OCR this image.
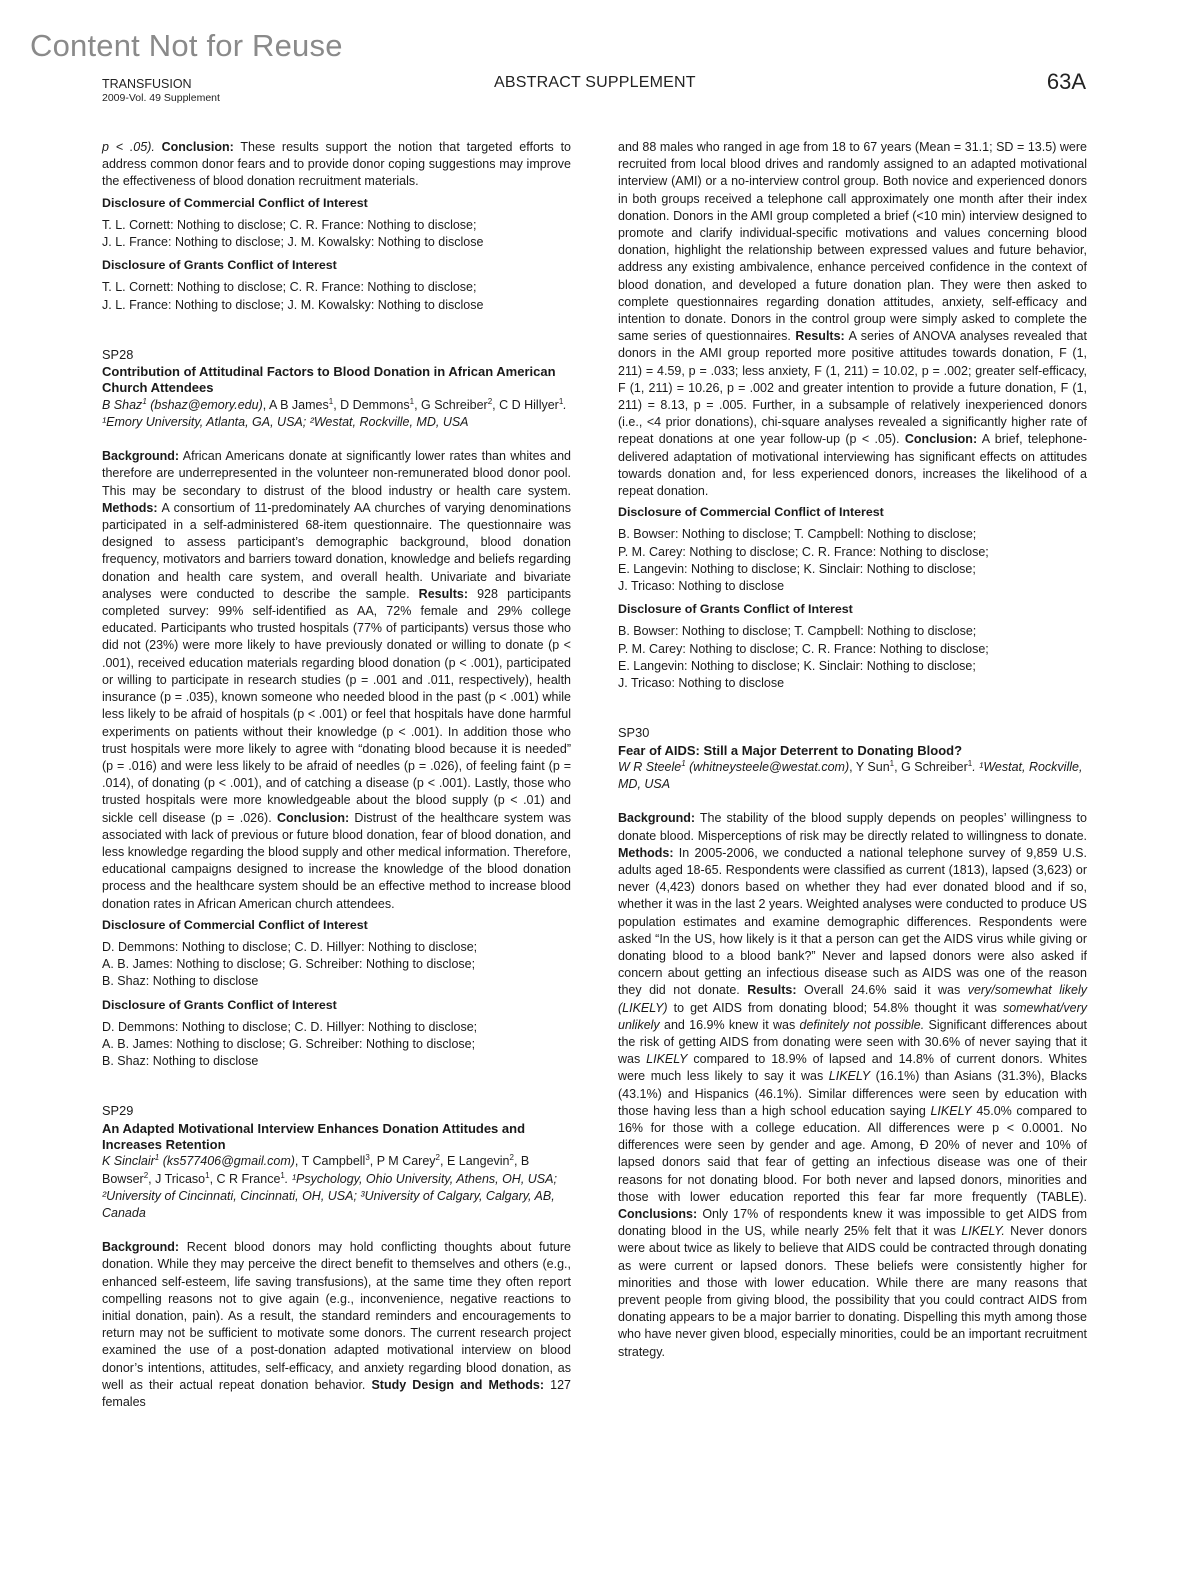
Content Not for Reuse
TRANSFUSION
2009-Vol. 49 Supplement
ABSTRACT SUPPLEMENT	63A

p < .05). Conclusion: These results support the notion that targeted efforts to address common donor fears and to provide donor coping suggestions may improve the effectiveness of blood donation recruitment materials.

Disclosure of Commercial Conflict of Interest

T. L. Cornett: Nothing to disclose; C. R. France: Nothing to disclose;

J. L. France: Nothing to disclose; J. M. Kowalsky: Nothing to disclose

Disclosure of Grants Conflict of Interest

T. L. Cornett: Nothing to disclose; C. R. France: Nothing to disclose;

J. L. France: Nothing to disclose; J. M. Kowalsky: Nothing to disclose

SP28

Contribution of Attitudinal Factors to Blood Donation in African American Church Attendees

B Shaz$^1$ (bshaz@emory.edu), A B James$^1$, D Demmons$^1$, G Schreiber$^2$, C D Hillyer$^1$. ¹Emory University, Atlanta, GA, USA; ²Westat, Rockville, MD, USA

Background: African Americans donate at significantly lower rates than whites and therefore are underrepresented in the volunteer non-remunerated blood donor pool. This may be secondary to distrust of the blood industry or health care system. Methods: A consortium of 11-predominately AA churches of varying denominations participated in a self-administered 68-item questionnaire. The questionnaire was designed to assess participant’s demographic background, blood donation frequency, motivators and barriers toward donation, knowledge and beliefs regarding donation and health care system, and overall health. Univariate and bivariate analyses were conducted to describe the sample. Results: 928 participants completed survey: 99% self-identified as AA, 72% female and 29% college educated. Participants who trusted hospitals (77% of participants) versus those who did not (23%) were more likely to have previously donated or willing to donate (p < .001), received education materials regarding blood donation (p < .001), participated or willing to participate in research studies (p = .001 and .011, respectively), health insurance (p = .035), known someone who needed blood in the past (p < .001) while less likely to be afraid of hospitals (p < .001) or feel that hospitals have done harmful experiments on patients without their knowledge (p < .001). In addition those who trust hospitals were more likely to agree with “donating blood because it is needed” (p = .016) and were less likely to be afraid of needles (p = .026), of feeling faint (p = .014), of donating (p < .001), and of catching a disease (p < .001). Lastly, those who trusted hospitals were more knowledgeable about the blood supply (p < .01) and sickle cell disease (p = .026). Conclusion: Distrust of the healthcare system was associated with lack of previous or future blood donation, fear of blood donation, and less knowledge regarding the blood supply and other medical information. Therefore, educational campaigns designed to increase the knowledge of the blood donation process and the healthcare system should be an effective method to increase blood donation rates in African American church attendees.

Disclosure of Commercial Conflict of Interest

D. Demmons: Nothing to disclose; C. D. Hillyer: Nothing to disclose;

A. B. James: Nothing to disclose; G. Schreiber: Nothing to disclose;

B. Shaz: Nothing to disclose

Disclosure of Grants Conflict of Interest

D. Demmons: Nothing to disclose; C. D. Hillyer: Nothing to disclose;

A. B. James: Nothing to disclose; G. Schreiber: Nothing to disclose;

B. Shaz: Nothing to disclose

SP29

An Adapted Motivational Interview Enhances Donation Attitudes and Increases Retention

K Sinclair$^1$ (ks577406@gmail.com), T Campbell$^3$, P M Carey$^2$, E Langevin$^2$, B Bowser$^2$, J Tricaso$^1$, C R France$^1$. ¹Psychology, Ohio University, Athens, OH, USA; ²University of Cincinnati, Cincinnati, OH, USA; ³University of Calgary, Calgary, AB, Canada

Background: Recent blood donors may hold conflicting thoughts about future donation. While they may perceive the direct benefit to themselves and others (e.g., enhanced self-esteem, life saving transfusions), at the same time they often report compelling reasons not to give again (e.g., inconvenience, negative reactions to initial donation, pain). As a result, the standard reminders and encouragements to return may not be sufficient to motivate some donors. The current research project examined the use of a post-donation adapted motivational interview on blood donor’s intentions, attitudes, self-efficacy, and anxiety regarding blood donation, as well as their actual repeat donation behavior. Study Design and Methods: 127 females

and 88 males who ranged in age from 18 to 67 years (Mean = 31.1; SD = 13.5) were recruited from local blood drives and randomly assigned to an adapted motivational interview (AMI) or a no-interview control group. Both novice and experienced donors in both groups received a telephone call approximately one month after their index donation. Donors in the AMI group completed a brief (<10 min) interview designed to promote and clarify individual-specific motivations and values concerning blood donation, highlight the relationship between expressed values and future behavior, address any existing ambivalence, enhance perceived confidence in the context of blood donation, and developed a future donation plan. They were then asked to complete questionnaires regarding donation attitudes, anxiety, self-efficacy and intention to donate. Donors in the control group were simply asked to complete the same series of questionnaires. Results: A series of ANOVA analyses revealed that donors in the AMI group reported more positive attitudes towards donation, F (1, 211) = 4.59, p = .033; less anxiety, F (1, 211) = 10.02, p = .002; greater self-efficacy, F (1, 211) = 10.26, p = .002 and greater intention to provide a future donation, F (1, 211) = 8.13, p = .005. Further, in a subsample of relatively inexperienced donors (i.e., <4 prior donations), chi-square analyses revealed a significantly higher rate of repeat donations at one year follow-up (p < .05). Conclusion: A brief, telephone-delivered adaptation of motivational interviewing has significant effects on attitudes towards donation and, for less experienced donors, increases the likelihood of a repeat donation.

Disclosure of Commercial Conflict of Interest

B. Bowser: Nothing to disclose; T. Campbell: Nothing to disclose;

P. M. Carey: Nothing to disclose; C. R. France: Nothing to disclose;

E. Langevin: Nothing to disclose; K. Sinclair: Nothing to disclose;

J. Tricaso: Nothing to disclose

Disclosure of Grants Conflict of Interest

B. Bowser: Nothing to disclose; T. Campbell: Nothing to disclose;

P. M. Carey: Nothing to disclose; C. R. France: Nothing to disclose;

E. Langevin: Nothing to disclose; K. Sinclair: Nothing to disclose;

J. Tricaso: Nothing to disclose

SP30

Fear of AIDS: Still a Major Deterrent to Donating Blood?

W R Steele$^1$ (whitneysteele@westat.com), Y Sun$^1$, G Schreiber$^1$. ¹Westat, Rockville, MD, USA

Background: The stability of the blood supply depends on peoples’ willingness to donate blood. Misperceptions of risk may be directly related to willingness to donate. Methods: In 2005-2006, we conducted a national telephone survey of 9,859 U.S. adults aged 18-65. Respondents were classified as current (1813), lapsed (3,623) or never (4,423) donors based on whether they had ever donated blood and if so, whether it was in the last 2 years. Weighted analyses were conducted to produce US population estimates and examine demographic differences. Respondents were asked “In the US, how likely is it that a person can get the AIDS virus while giving or donating blood to a blood bank?” Never and lapsed donors were also asked if concern about getting an infectious disease such as AIDS was one of the reason they did not donate. Results: Overall 24.6% said it was very/somewhat likely (LIKELY) to get AIDS from donating blood; 54.8% thought it was somewhat/very unlikely and 16.9% knew it was definitely not possible. Significant differences about the risk of getting AIDS from donating were seen with 30.6% of never saying that it was LIKELY compared to 18.9% of lapsed and 14.8% of current donors. Whites were much less likely to say it was LIKELY (16.1%) than Asians (31.3%), Blacks (43.1%) and Hispanics (46.1%). Similar differences were seen by education with those having less than a high school education saying LIKELY 45.0% compared to 16% for those with a college education. All differences were p < 0.0001. No differences were seen by gender and age. Among, Ð 20% of never and 10% of lapsed donors said that fear of getting an infectious disease was one of their reasons for not donating blood. For both never and lapsed donors, minorities and those with lower education reported this fear far more frequently (TABLE). Conclusions: Only 17% of respondents knew it was impossible to get AIDS from donating blood in the US, while nearly 25% felt that it was LIKELY. Never donors were about twice as likely to believe that AIDS could be contracted through donating as were current or lapsed donors. These beliefs were consistently higher for minorities and those with lower education. While there are many reasons that prevent people from giving blood, the possibility that you could contract AIDS from donating appears to be a major barrier to donating. Dispelling this myth among those who have never given blood, especially minorities, could be an important recruitment strategy.
